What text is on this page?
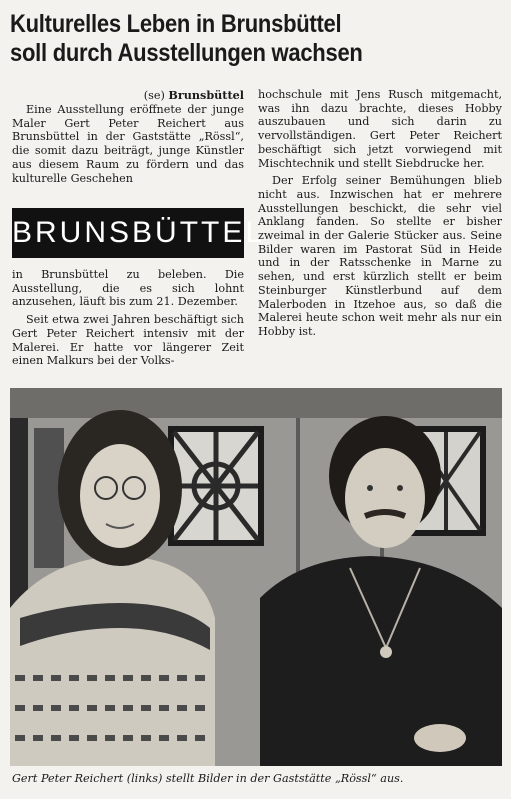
Kulturelles Leben in Brunsbüttel
soll durch Ausstellungen wachsen
(se) Brunsbüttel

Eine Ausstellung eröffnete der junge Maler Gert Peter Reichert aus Brunsbüttel in der Gaststätte „Rössl“, die somit dazu beiträgt, junge Künstler aus diesem Raum zu fördern und das kulturelle Geschehen

BRUNSBÜTTEL

in Brunsbüttel zu beleben. Die Ausstellung, die es sich lohnt anzusehen, läuft bis zum 21. Dezember.

Seit etwa zwei Jahren beschäftigt sich Gert Peter Reichert intensiv mit der Malerei. Er hatte vor längerer Zeit einen Malkurs bei der Volks-

hochschule mit Jens Rusch mitgemacht, was ihn dazu brachte, dieses Hobby auszubauen und sich darin zu vervollständigen. Gert Peter Reichert beschäftigt sich jetzt vorwiegend mit Mischtechnik und stellt Siebdrucke her.

Der Erfolg seiner Bemühungen blieb nicht aus. Inzwischen hat er mehrere Ausstellungen beschickt, die sehr viel Anklang fanden. So stellte er bisher zweimal in der Galerie Stücker aus. Seine Bilder waren im Pastorat Süd in Heide und in der Ratsschenke in Marne zu sehen, und erst kürzlich stellt er beim Steinburger Künstlerbund auf dem Malerboden in Itzehoe aus, so daß die Malerei heute schon weit mehr als nur ein Hobby ist.

Gert Peter Reichert (links) stellt Bilder in der Gaststätte „Rössl“ aus.
